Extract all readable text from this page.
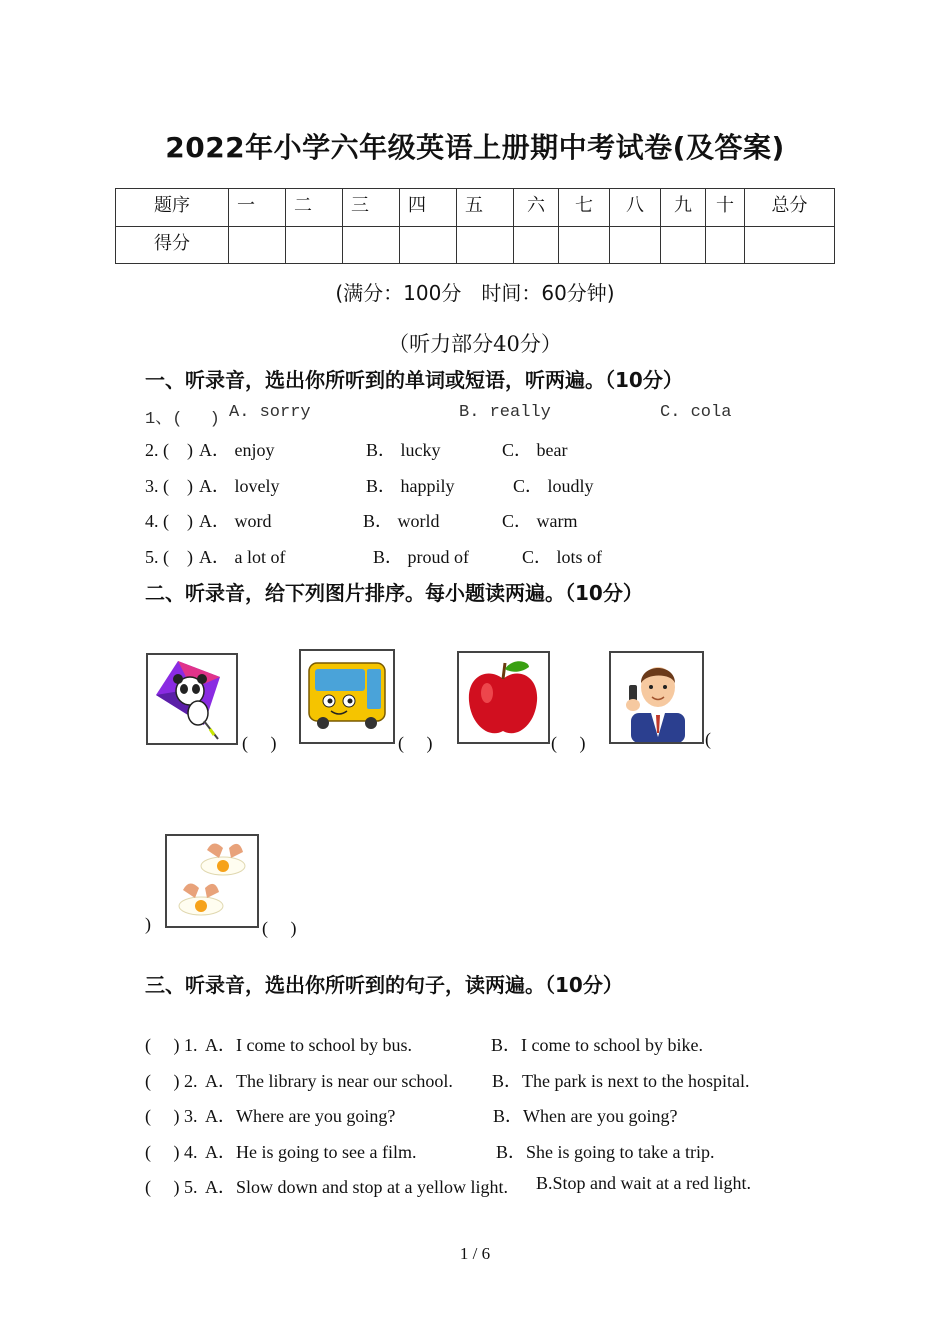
2022年小学六年级英语上册期中考试卷(及答案)
题序	一	二	三	四	五	六	七	八	九	十	总分
得分											
(满分：100分　时间：60分钟)
（听力部分40分）
一、听录音，选出你所听到的单词或短语，听两遍。（10分）
1、(　 ) A. sorry	B. really	C. cola
2. (　) A． enjoy	B． lucky	C． bear
3. (　) A． lovely	B． happily	C． loudly
4. (　) A． word	B． world	C． warm
5. (　) A． a lot of	B． proud of	C． lots of
二、听录音，给下列图片排序。每小题读两遍。（10分）
(　 )	(　 )	(　 )	(
)	(　 )
三、听录音，选出你所听到的句子，读两遍。（10分）
(　 ) 1. A．I come to school by bus.	B．I come to school by bike.
(　 ) 2. A．The library is near our school. B．The park is next to the hospital.
(　 ) 3. A．Where are you going?	B．When are you going?
(　 ) 4. A．He is going to see a film.	B．She is going to take a trip.
(　 ) 5. A．Slow down and stop at a yellow light. B.Stop and wait at a red light.
1 / 6
